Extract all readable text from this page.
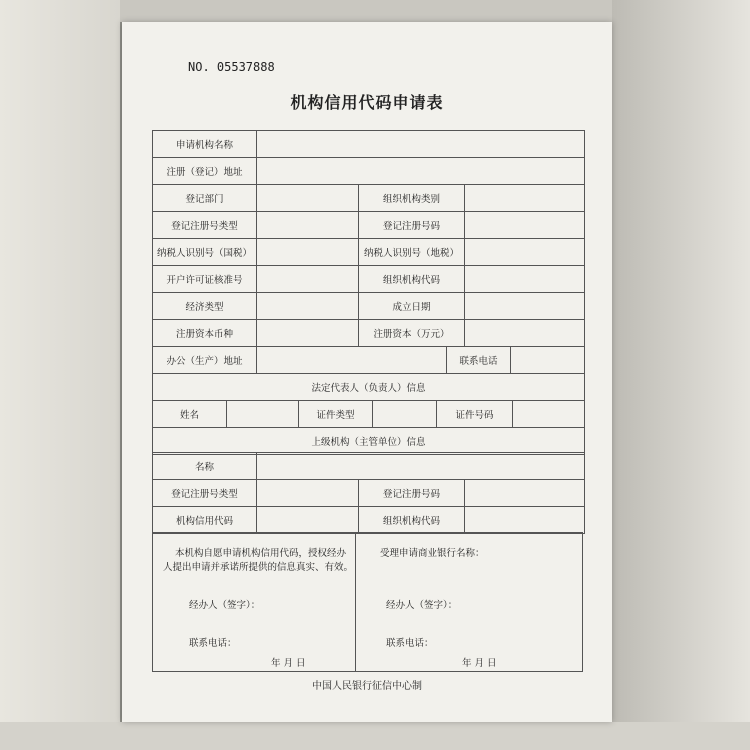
NO. 05537888
机构信用代码申请表
申请机构名称
注册（登记）地址
登记部门	组织机构类别
登记注册号类型	登记注册号码
纳税人识别号（国税）	纳税人识别号（地税）
开户许可证核准号	组织机构代码
经济类型	成立日期
注册资本币种	注册资本（万元）
办公（生产）地址	联系电话
法定代表人（负责人）信息
姓名	证件类型	证件号码
上级机构（主管单位）信息
名称
登记注册号类型	登记注册号码
机构信用代码	组织机构代码
本机构自愿申请机构信用代码，授权经办
人提出申请并承诺所提供的信息真实、有效。
经办人（签字）：
联系电话：
年 月 日
受理申请商业银行名称：
经办人（签字）：
联系电话：
年 月 日
中国人民银行征信中心制
